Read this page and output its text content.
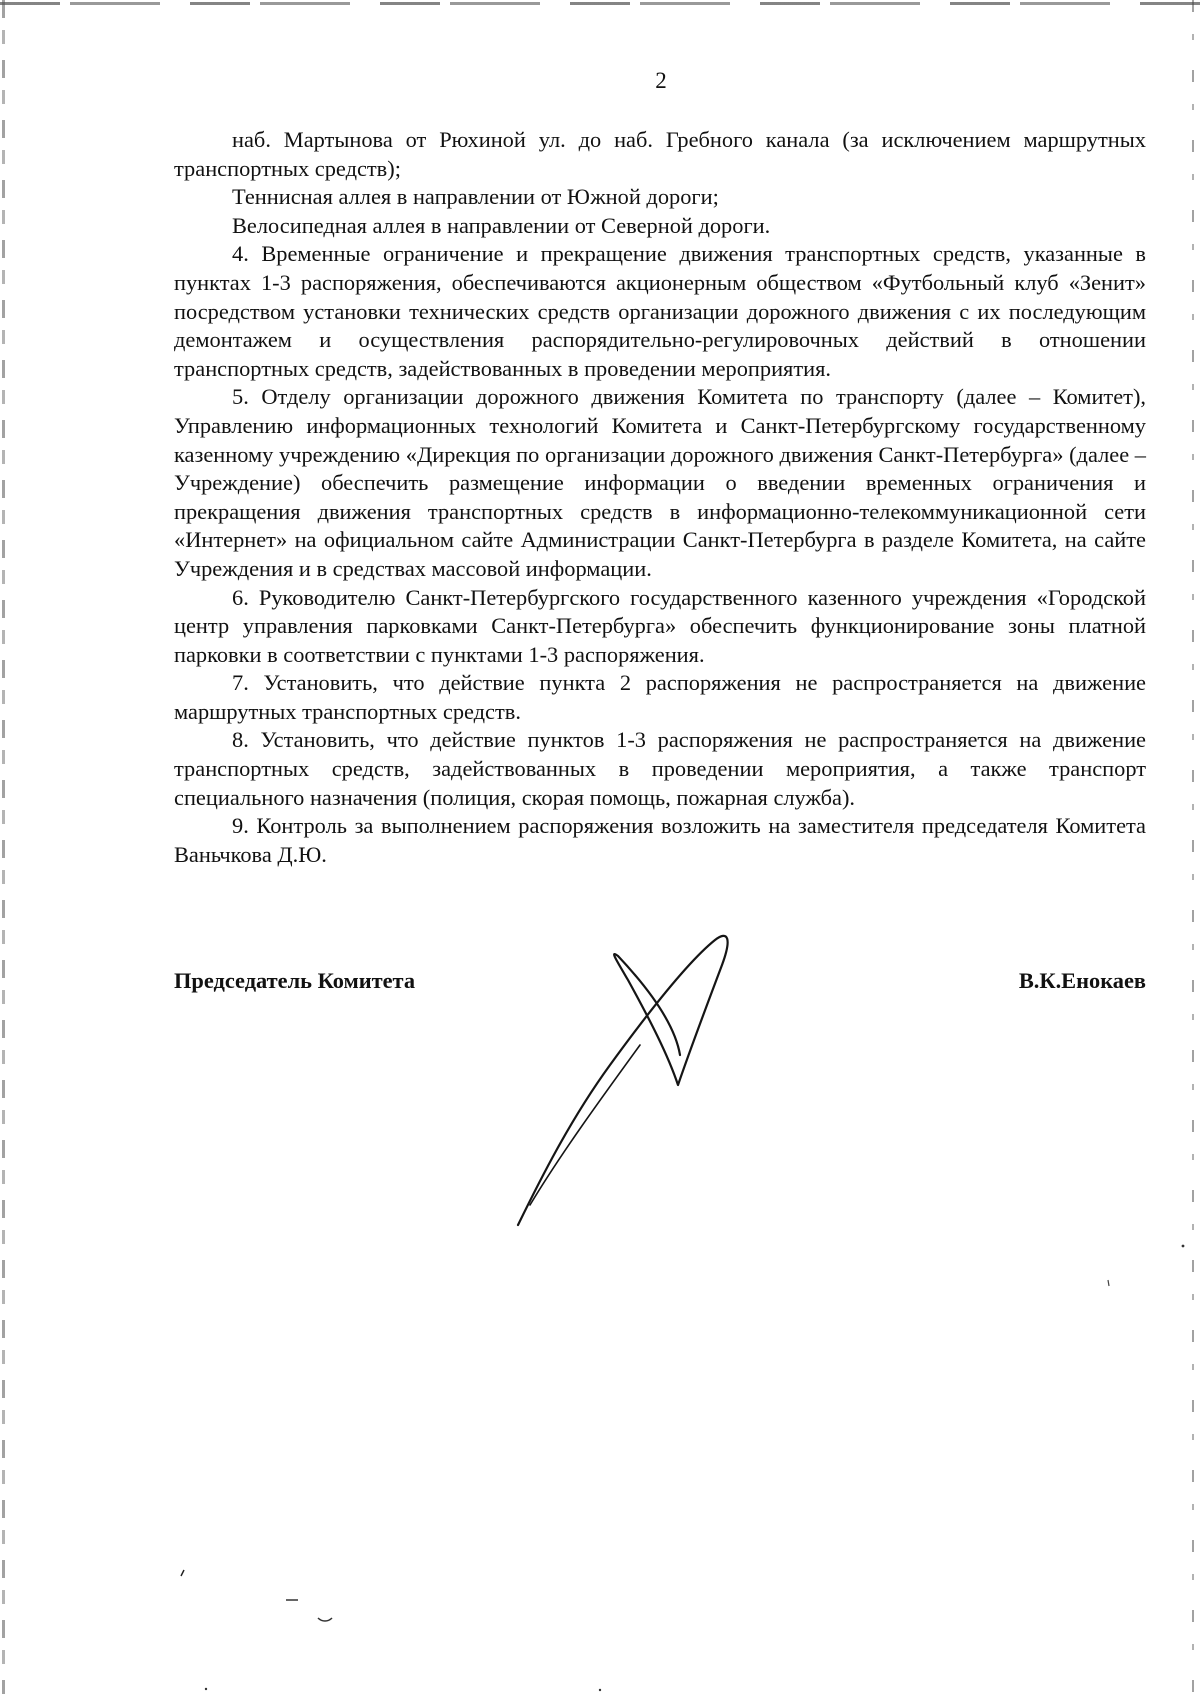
2

наб. Мартынова от Рюхиной ул. до наб. Гребного канала (за исключением маршрутных транспортных средств);

Теннисная аллея в направлении от Южной дороги;

Велосипедная аллея в направлении от Северной дороги.

4. Временные ограничение и прекращение движения транспортных средств, указанные в пунктах 1-3 распоряжения, обеспечиваются акционерным обществом «Футбольный клуб «Зенит» посредством установки технических средств организации дорожного движения с их последующим демонтажем и осуществления распорядительно-регулировочных действий в отношении транспортных средств, задействованных в проведении мероприятия.

5. Отделу организации дорожного движения Комитета по транспорту (далее – Комитет), Управлению информационных технологий Комитета и Санкт-Петербургскому государственному казенному учреждению «Дирекция по организации дорожного движения Санкт-Петербурга» (далее – Учреждение) обеспечить размещение информации о введении временных ограничения и прекращения движения транспортных средств в информационно-телекоммуникационной сети «Интернет» на официальном сайте Администрации Санкт-Петербурга в разделе Комитета, на сайте Учреждения и в средствах массовой информации.

6. Руководителю Санкт-Петербургского государственного казенного учреждения «Городской центр управления парковками Санкт-Петербурга» обеспечить функционирование зоны платной парковки в соответствии с пунктами 1-3 распоряжения.

7. Установить, что действие пункта 2 распоряжения не распространяется на движение маршрутных транспортных средств.

8. Установить, что действие пунктов 1-3 распоряжения не распространяется на движение транспортных средств, задействованных в проведении мероприятия, а также транспорт специального назначения (полиция, скорая помощь, пожарная служба).

9. Контроль за выполнением распоряжения возложить на заместителя председателя Комитета Ваньчкова Д.Ю.

Председатель Комитета	В.К.Енокаев
